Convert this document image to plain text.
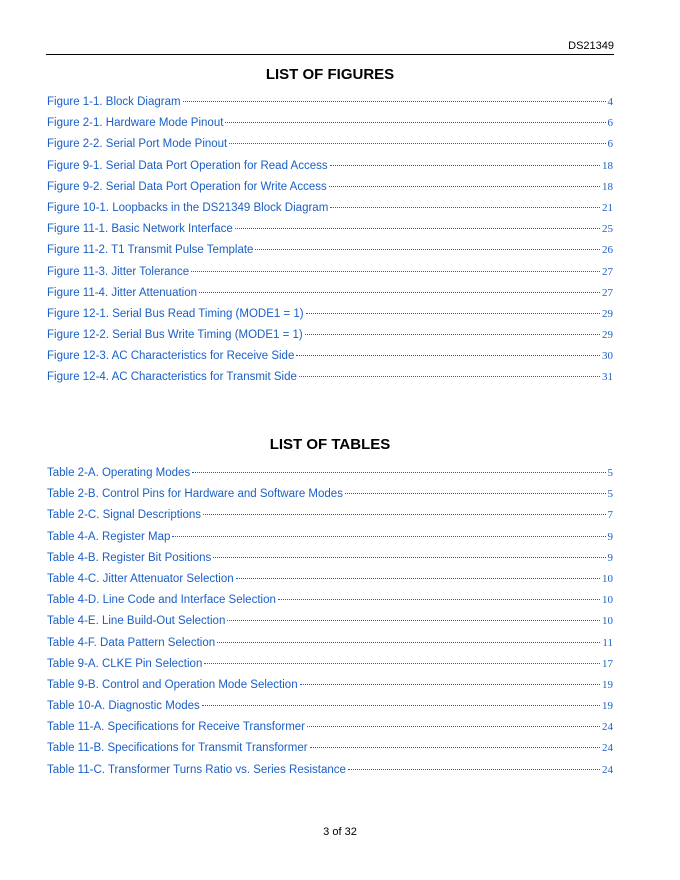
DS21349
LIST OF FIGURES
Figure 1-1. Block Diagram	4
Figure 2-1. Hardware Mode Pinout	6
Figure 2-2. Serial Port Mode Pinout	6
Figure 9-1. Serial Data Port Operation for Read Access	18
Figure 9-2. Serial Data Port Operation for Write Access	18
Figure 10-1. Loopbacks in the DS21349 Block Diagram	21
Figure 11-1. Basic Network Interface	25
Figure 11-2. T1 Transmit Pulse Template	26
Figure 11-3. Jitter Tolerance	27
Figure 11-4. Jitter Attenuation	27
Figure 12-1. Serial Bus Read Timing (MODE1 = 1)	29
Figure 12-2. Serial Bus Write Timing (MODE1 = 1)	29
Figure 12-3. AC Characteristics for Receive Side	30
Figure 12-4. AC Characteristics for Transmit Side	31
LIST OF TABLES
Table 2-A. Operating Modes	5
Table 2-B. Control Pins for Hardware and Software Modes	5
Table 2-C. Signal Descriptions	7
Table 4-A. Register Map	9
Table 4-B. Register Bit Positions	9
Table 4-C. Jitter Attenuator Selection	10
Table 4-D. Line Code and Interface Selection	10
Table 4-E. Line Build-Out Selection	10
Table 4-F. Data Pattern Selection	11
Table 9-A. CLKE Pin Selection	17
Table 9-B. Control and Operation Mode Selection	19
Table 10-A. Diagnostic Modes	19
Table 11-A. Specifications for Receive Transformer	24
Table 11-B. Specifications for Transmit Transformer	24
Table 11-C. Transformer Turns Ratio vs. Series Resistance	24
3 of 32
